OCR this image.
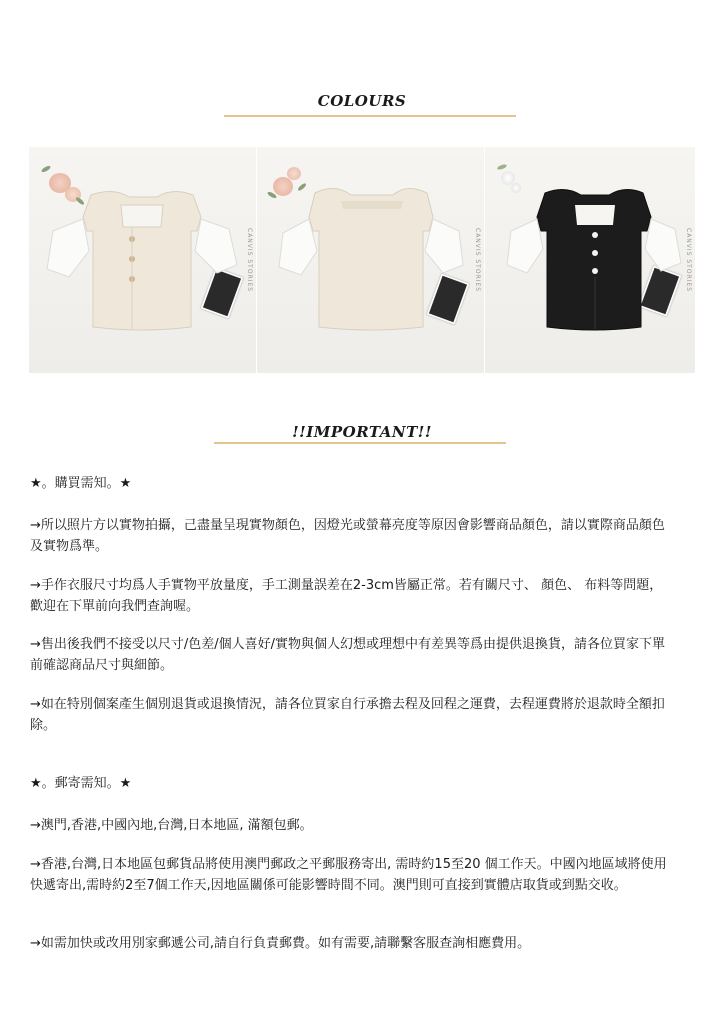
COLOURS
CANVIS STORIES	CANVIS STORIES	CANVIS STORIES
!!IMPORTANT!!

★。購買需知。★

→所以照片方以實物拍攝，己盡量呈現實物顏色，因燈光或螢幕亮度等原因會影響商品顏色，請以實際商品顏色及實物爲準。

→手作衣服尺寸均爲人手實物平放量度，手工測量誤差在2-3cm皆屬正常。若有關尺寸、 顏色、 布料等問題，歡迎在下單前向我們查詢喔。

→售出後我們不接受以尺寸/色差/個人喜好/實物與個人幻想或理想中有差異等爲由提供退換貨，請各位買家下單前確認商品尺寸與細節。

→如在特別個案產生個別退貨或退換情況，請各位買家自行承擔去程及回程之運費，去程運費將於退款時全額扣除。

★。郵寄需知。★

→澳門,香港,中國內地,台灣,日本地區, 滿額包郵。

→香港,台灣,日本地區包郵貨品將使用澳門郵政之平郵服務寄出, 需時約15至20 個工作天。中國內地區域將使用快遞寄出,需時約2至7個工作天,因地區關係可能影響時間不同。澳門則可直接到實體店取貨或到點交收。

→如需加快或改用別家郵遞公司,請自行負責郵費。如有需要,請聯繫客服查詢相應費用。
